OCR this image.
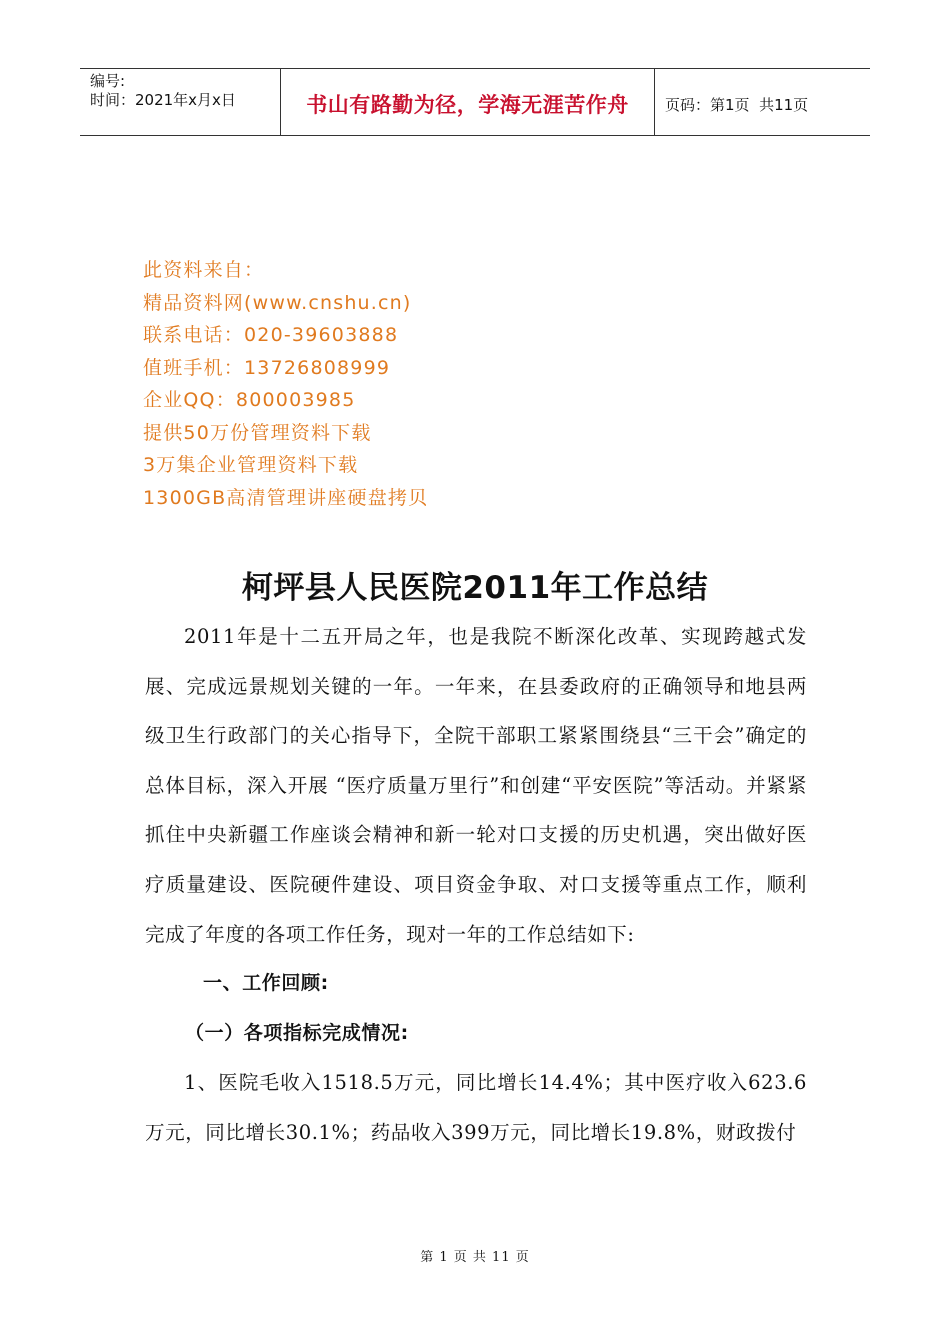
编号:
时间：2021年x月x日	书山有路勤为径，学海无涯苦作舟 页码：第1页  共11页
此资料来自：
精品资料网(www.cnshu.cn)
联系电话：020-39603888
值班手机：13726808999
企业QQ：800003985
提供50万份管理资料下载
3万集企业管理资料下载
1300GB高清管理讲座硬盘拷贝
柯坪县人民医院2011年工作总结

2011年是十二五开局之年，也是我院不断深化改革、实现跨越式发展、完成远景规划关键的一年。一年来，在县委政府的正确领导和地县两级卫生行政部门的关心指导下，全院干部职工紧紧围绕县“三干会”确定的总体目标，深入开展 “医疗质量万里行”和创建“平安医院”等活动。并紧紧抓住中央新疆工作座谈会精神和新一轮对口支援的历史机遇，突出做好医疗质量建设、医院硬件建设、项目资金争取、对口支援等重点工作，顺利完成了年度的各项工作任务，现对一年的工作总结如下:

一、工作回顾:

（一）各项指标完成情况:

1、医院毛收入1518.5万元，同比增长14.4%；其中医疗收入623.6万元，同比增长30.1%；药品收入399万元，同比增长19.8%，财政拨付

第 1 页 共 11 页
